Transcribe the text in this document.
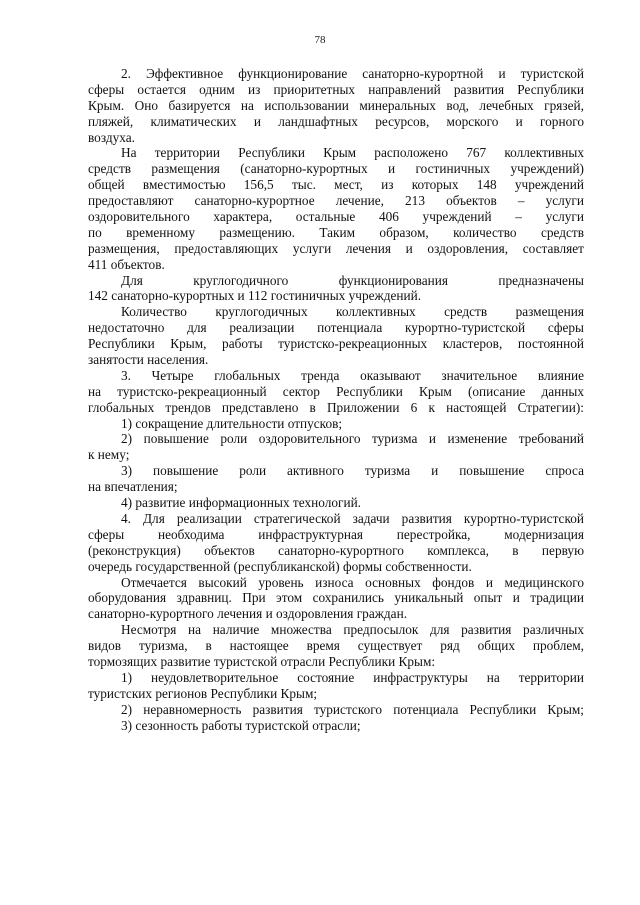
78
2. Эффективное функционирование санаторно-курортной и туристской
сферы остается одним из приоритетных направлений развития Республики
Крым. Оно базируется на использовании минеральных вод, лечебных грязей,
пляжей, климатических и ландшафтных ресурсов, морского и горного
воздуха.
На территории Республики Крым расположено 767 коллективных
средств размещения (санаторно-курортных и гостиничных учреждений)
общей вместимостью 156,5 тыс. мест, из которых 148 учреждений
предоставляют санаторно-курортное лечение, 213 объектов – услуги
оздоровительного характера, остальные 406 учреждений – услуги
по временному размещению. Таким образом, количество средств
размещения, предоставляющих услуги лечения и оздоровления, составляет
411 объектов.
Для круглогодичного функционирования предназначены
142 санаторно-курортных и 112 гостиничных учреждений.
Количество круглогодичных коллективных средств размещения
недостаточно для реализации потенциала курортно-туристской сферы
Республики Крым, работы туристско-рекреационных кластеров, постоянной
занятости населения.
3. Четыре глобальных тренда оказывают значительное влияние
на туристско-рекреационный сектор Республики Крым (описание данных
глобальных трендов представлено в Приложении 6 к настоящей Стратегии):
1) сокращение длительности отпусков;
2) повышение роли оздоровительного туризма и изменение требований
к нему;
3) повышение роли активного туризма и повышение спроса
на впечатления;
4) развитие информационных технологий.
4. Для реализации стратегической задачи развития курортно-туристской
сферы необходима инфраструктурная перестройка, модернизация
(реконструкция) объектов санаторно-курортного комплекса, в первую
очередь государственной (республиканской) формы собственности.
Отмечается высокий уровень износа основных фондов и медицинского
оборудования здравниц. При этом сохранились уникальный опыт и традиции
санаторно-курортного лечения и оздоровления граждан.
Несмотря на наличие множества предпосылок для развития различных
видов туризма, в настоящее время существует ряд общих проблем,
тормозящих развитие туристской отрасли Республики Крым:
1) неудовлетворительное состояние инфраструктуры на территории
туристских регионов Республики Крым;
2) неравномерность развития туристского потенциала Республики Крым;
3) сезонность работы туристской отрасли;
